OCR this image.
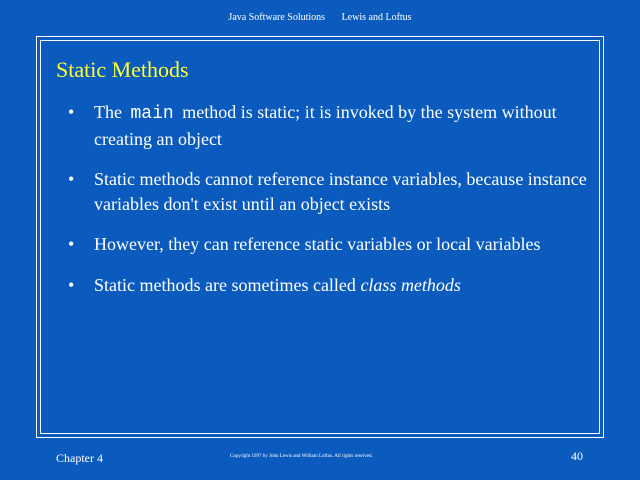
Java Software Solutions Lewis and Loftus
Static Methods
• The main method is static; it is invoked by the system without creating an object
• Static methods cannot reference instance variables, because instance variables don't exist until an object exists
• However, they can reference static variables or local variables
• Static methods are sometimes called class methods
Chapter 4	Copyright 1997 by John Lewis and William Loftus. All rights reserved.	40
